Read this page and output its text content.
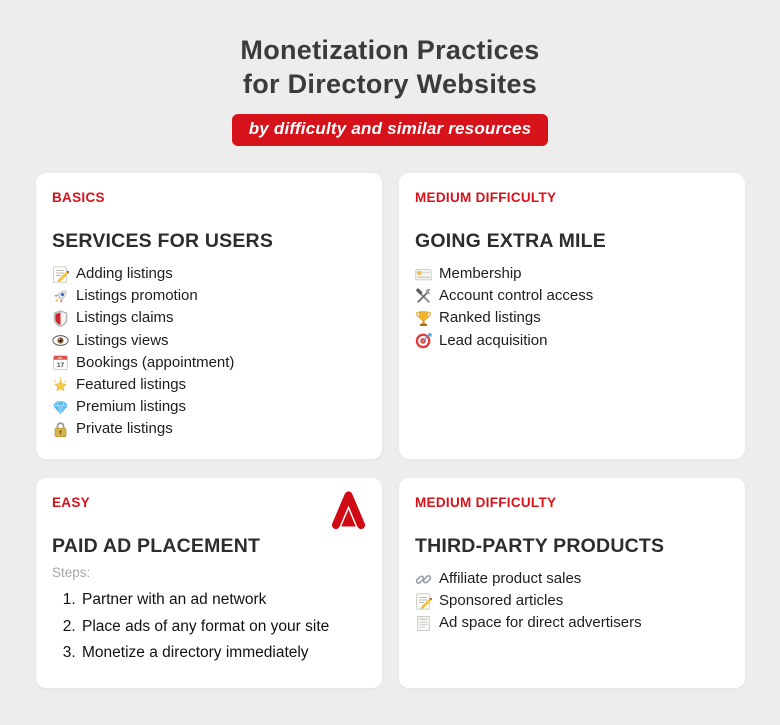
Monetization Practices
for Directory Websites
by difficulty and similar resources
BASICS
SERVICES FOR USERS
Adding listings
Listings promotion
Listings claims
Listings views
Bookings (appointment)
Featured listings
Premium listings
Private listings
MEDIUM DIFFICULTY
GOING EXTRA MILE
Membership
Account control access
Ranked listings
Lead acquisition
EASY
PAID AD PLACEMENT
Steps:
1. Partner with an ad network
2. Place ads of any format on your site
3. Monetize a directory immediately
MEDIUM DIFFICULTY
THIRD-PARTY PRODUCTS
Affiliate product sales
Sponsored articles
Ad space for direct advertisers
